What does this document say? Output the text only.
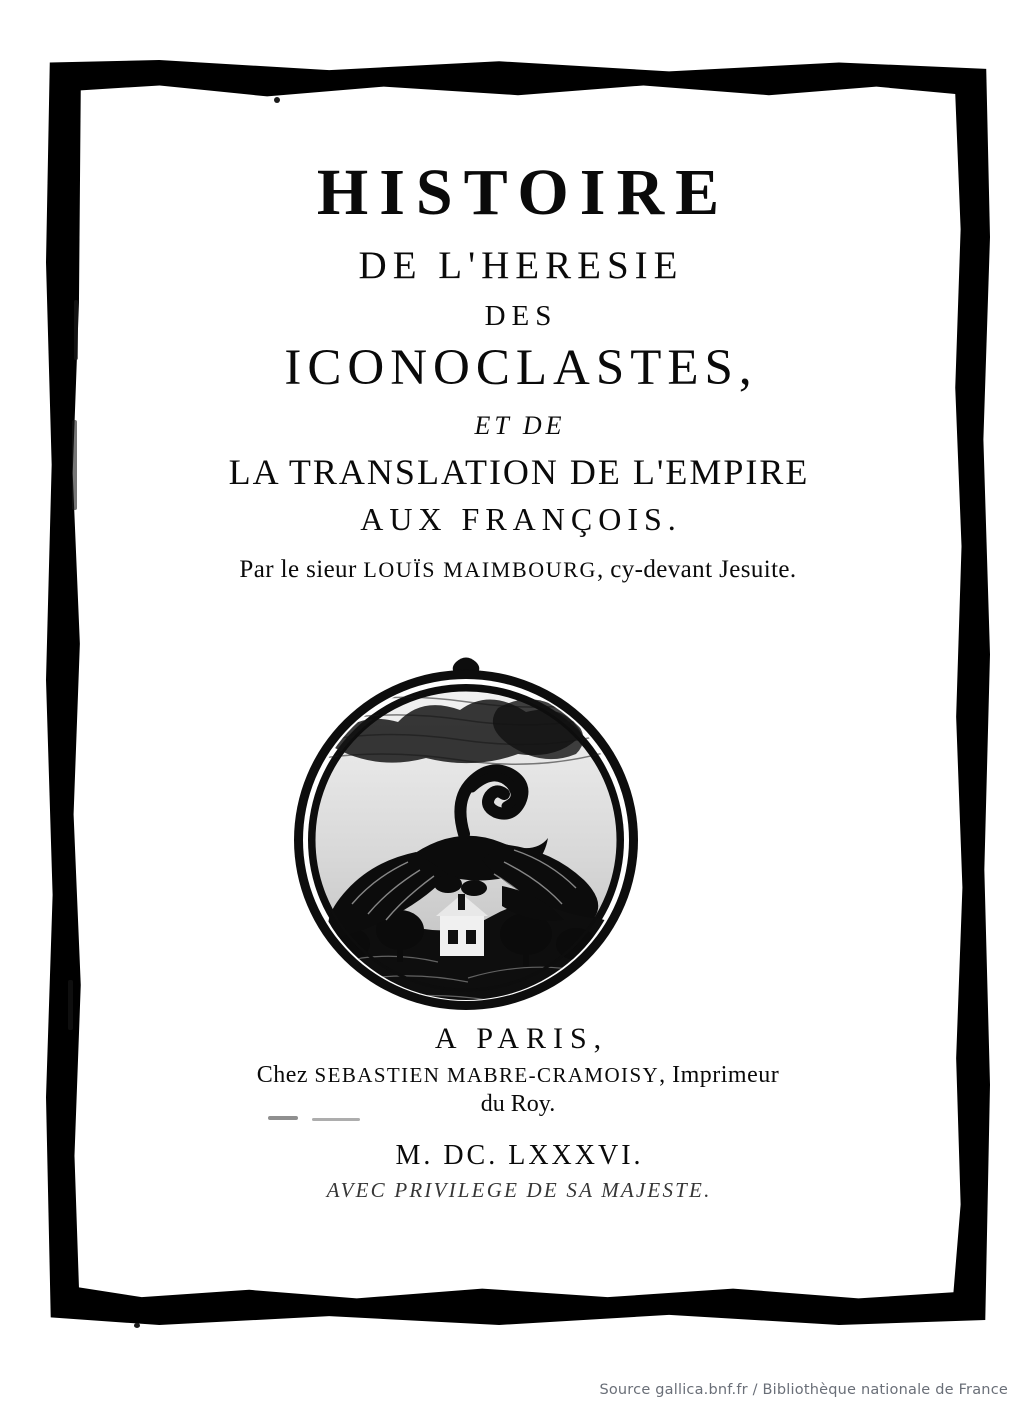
HISTOIRE
DE L'HERESIE
DES
ICONOCLASTES,
ET DE
LA TRANSLATION DE L'EMPIRE
AUX FRANÇOIS.
Par le sieur LOUÏS MAIMBOURG, cy-devant Jesuite.
A PARIS,
Chez SEBASTIEN MABRE-CRAMOISY, Imprimeur
du Roy.
M. DC. LXXXVI.
AVEC PRIVILEGE DE SA MAJESTE.
Source gallica.bnf.fr / Bibliothèque nationale de France
